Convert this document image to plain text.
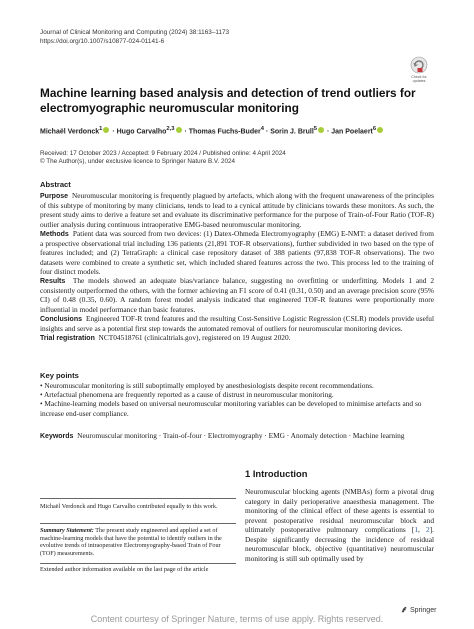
Journal of Clinical Monitoring and Computing (2024) 38:1163–1173
https://doi.org/10.1007/s10877-024-01141-6
Check for
updates
Machine learning based analysis and detection of trend outliers for electromyographic neuromuscular monitoring
Michaël Verdonck$^1$ · Hugo Carvalho$^{2,3}$ · Thomas Fuchs-Buder$^4$ · Sorin J. Brull$^5$ · Jan Poelaert$^6$
Received: 17 October 2023 / Accepted: 9 February 2024 / Published online: 4 April 2024
© The Author(s), under exclusive licence to Springer Nature B.V. 2024
Abstract

Purpose Neuromuscular monitoring is frequently plagued by artefacts, which along with the frequent unawareness of the principles of this subtype of monitoring by many clinicians, tends to lead to a cynical attitude by clinicians towards these monitors. As such, the present study aims to derive a feature set and evaluate its discriminative performance for the purpose of Train-of-Four Ratio (TOF-R) outlier analysis during continuous intraoperative EMG-based neuromuscular monitoring.

Methods Patient data was sourced from two devices: (1) Datex-Ohmeda Electromyography (EMG) E-NMT: a dataset derived from a prospective observational trial including 136 patients (21,891 TOF-R observations), further subdivided in two based on the type of features included; and (2) TetraGraph: a clinical case repository dataset of 388 patients (97,838 TOF-R observations). The two datasets were combined to create a synthetic set, which included shared features across the two. This process led to the training of four distinct models.

Results The models showed an adequate bias/variance balance, suggesting no overfitting or underfitting. Models 1 and 2 consistently outperformed the others, with the former achieving an F1 score of 0.41 (0.31, 0.50) and an average precision score (95% CI) of 0.48 (0.35, 0.60). A random forest model analysis indicated that engineered TOF-R features were proportionally more influential in model performance than basic features.

Conclusions Engineered TOF-R trend features and the resulting Cost-Sensitive Logistic Regression (CSLR) models provide useful insights and serve as a potential first step towards the automated removal of outliers for neuromuscular monitoring devices.

Trial registration NCT04518761 (clinicaltrials.gov), registered on 19 August 2020.

Key points
• Neuromuscular monitoring is still suboptimally employed by anesthesiologists despite recent recommendations.
• Artefactual phenomena are frequently reported as a cause of distrust in neuromuscular monitoring.
• Machine-learning models based on universal neuromuscular monitoring variables can be developed to minimise artefacts and so increase end-user compliance.
Keywords Neuromuscular monitoring · Train-of-four · Electromyography · EMG · Anomaly detection · Machine learning
Michaël Verdonck and Hugo Carvalho contributed equally to this work.
Summary Statement: The present study engineered and applied a set of machine-learning models that have the potential to identify outliers in the evolutive trends of intraoperative Electromyography-based Train of Four (TOF) measurements.
Extended author information available on the last page of the article
1 Introduction
Neuromuscular blocking agents (NMBAs) form a pivotal drug category in daily perioperative anaesthesia management. The monitoring of the clinical effect of these agents is essential to prevent postoperative residual neuromuscular block and ultimately postoperative pulmonary complications [1, 2]. Despite significantly decreasing the incidence of residual neuromuscular block, objective (quantitative) neuromuscular monitoring is still sub optimally used by
Springer
Content courtesy of Springer Nature, terms of use apply. Rights reserved.
